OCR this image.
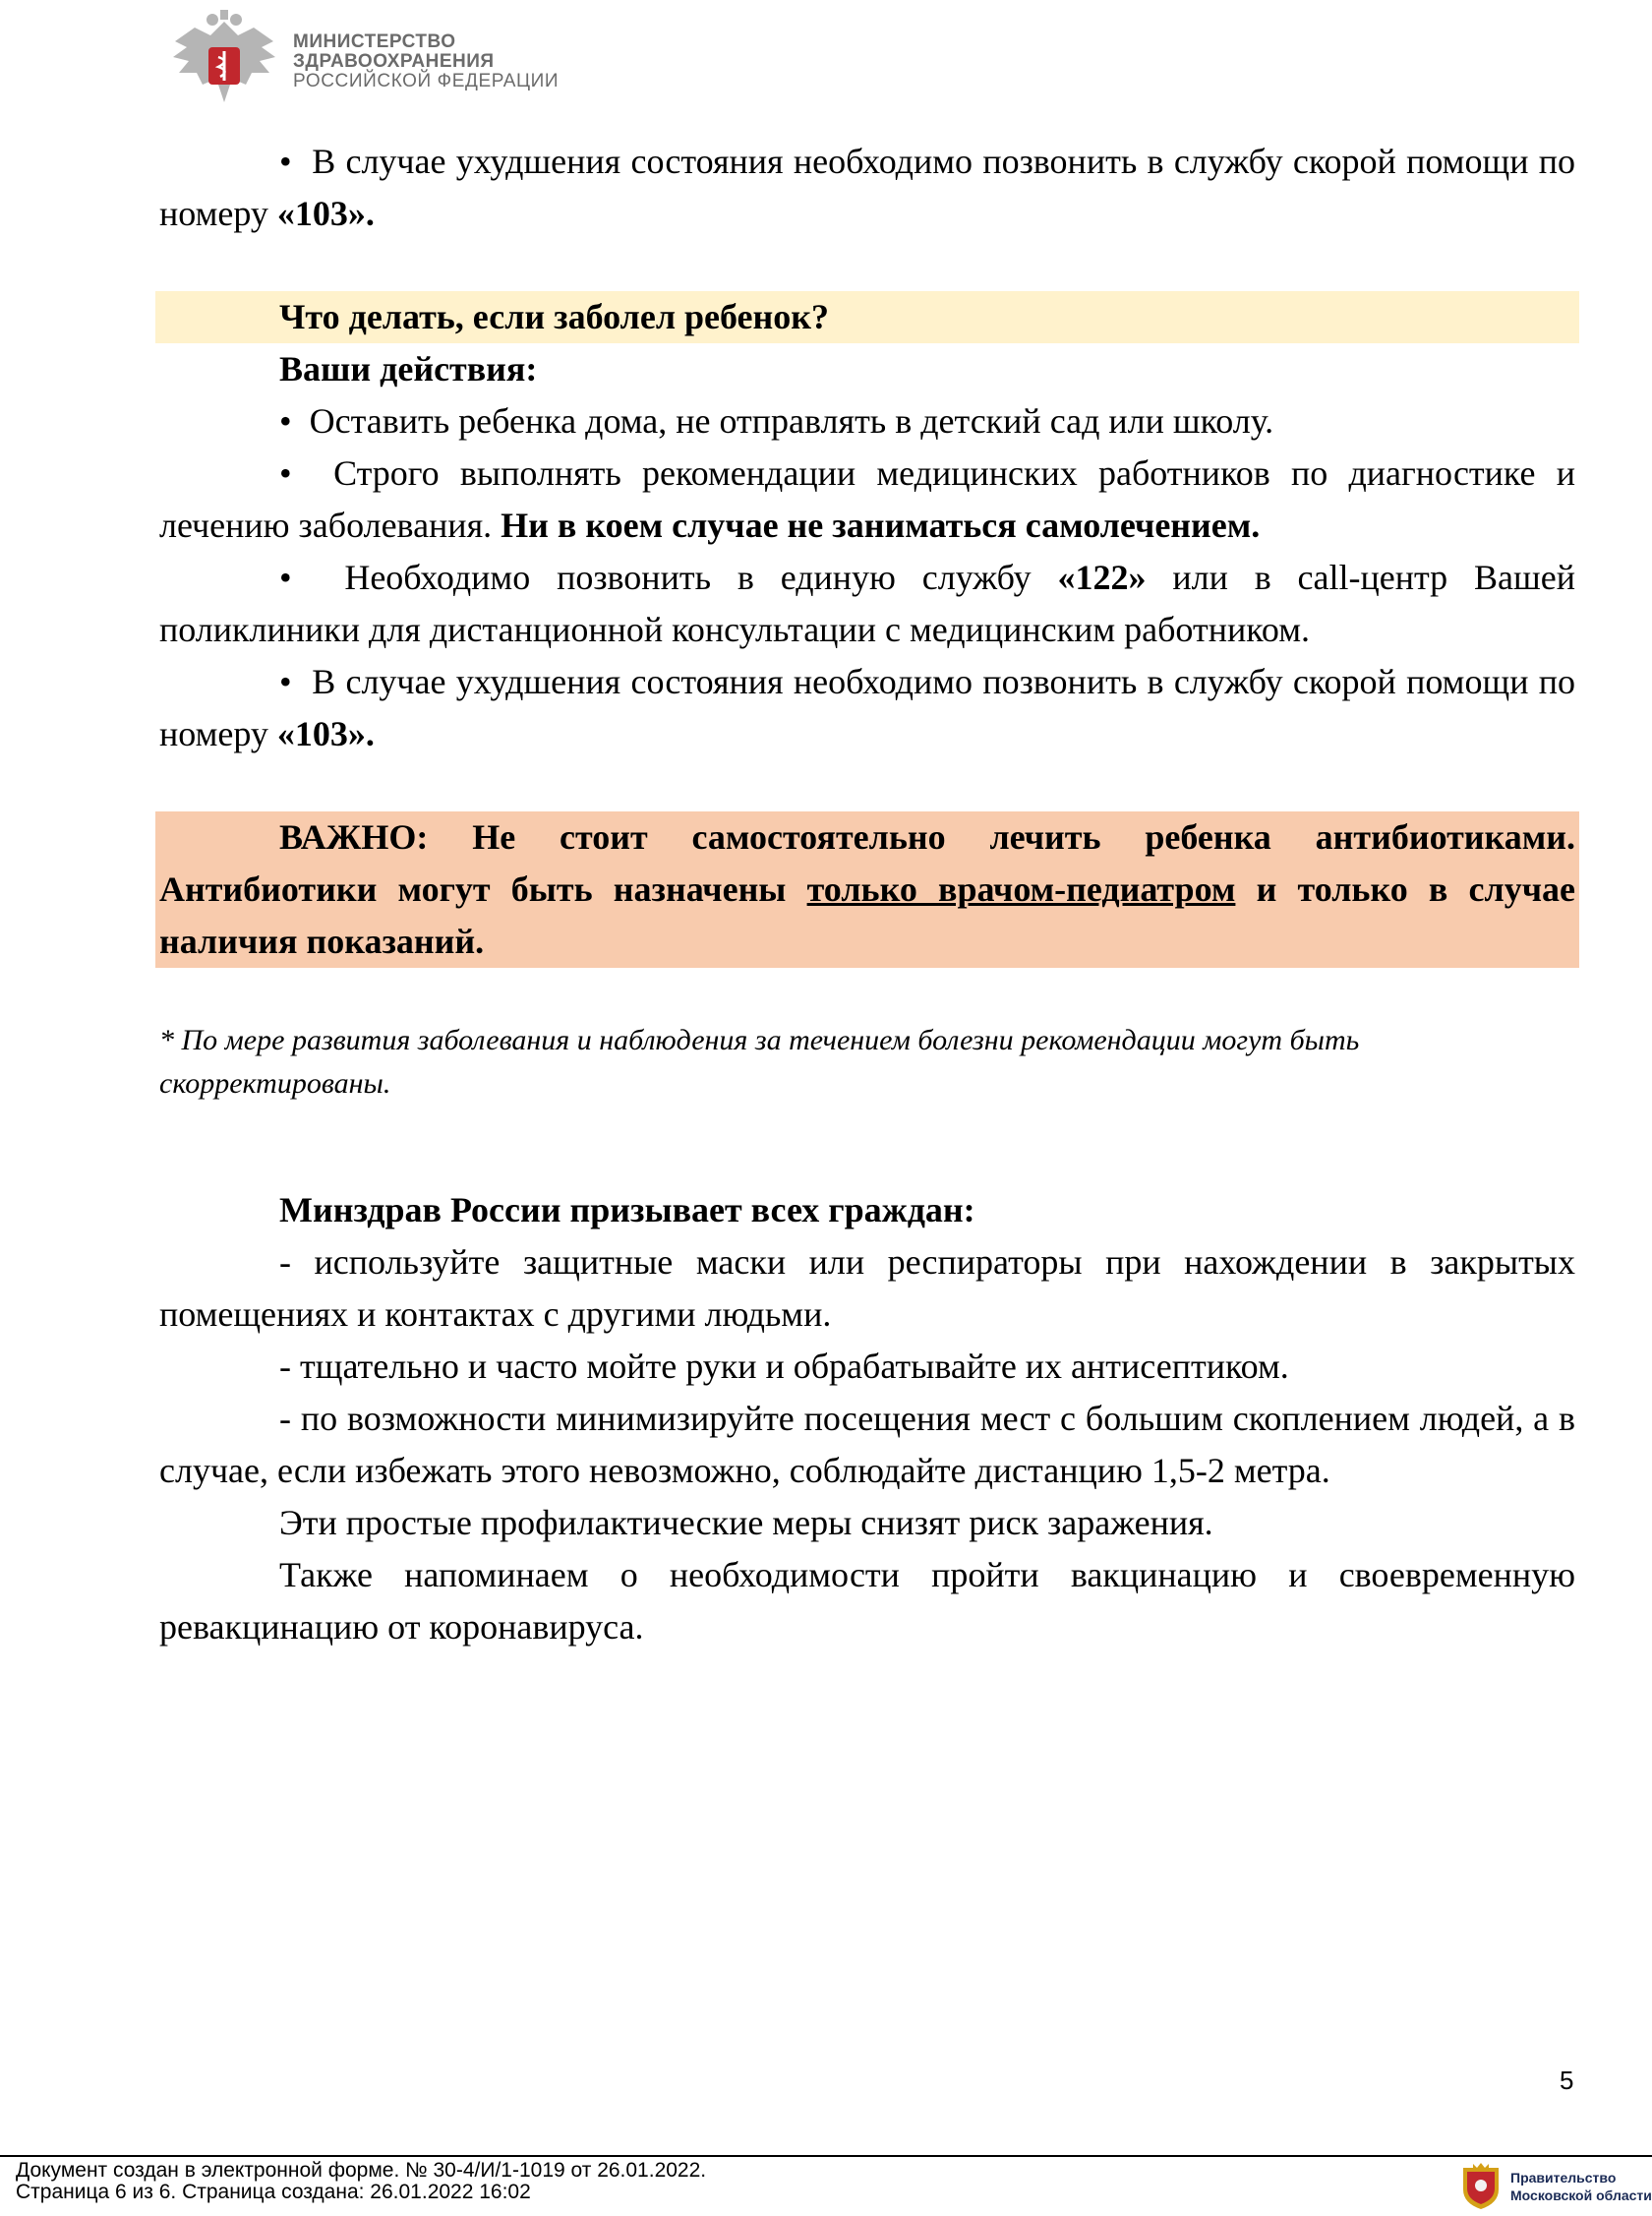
МИНИСТЕРСТВО
ЗДРАВООХРАНЕНИЯ
РОССИЙСКОЙ ФЕДЕРАЦИИ

•  В случае ухудшения состояния необходимо позвонить в службу скорой помощи по номеру «103».

Что делать, если заболел ребенок?

Ваши действия:

•  Оставить ребенка дома, не отправлять в детский сад или школу.

•  Строго выполнять рекомендации медицинских работников по диагностике и лечению заболевания. Ни в коем случае не заниматься самолечением.

•  Необходимо позвонить в единую службу «122» или в call-центр Вашей поликлиники для дистанционной консультации с медицинским работником.

•  В случае ухудшения состояния необходимо позвонить в службу скорой помощи по номеру «103».

ВАЖНО: Не стоит самостоятельно лечить ребенка антибиотиками. Антибиотики могут быть назначены только врачом-педиатром и только в случае наличия показаний.

* По мере развития заболевания и наблюдения за течением болезни рекомендации могут быть скорректированы.

Минздрав России призывает всех граждан:

- используйте защитные маски или респираторы при нахождении в закрытых помещениях и контактах с другими людьми.

- тщательно и часто мойте руки и обрабатывайте их антисептиком.

- по возможности минимизируйте посещения мест с большим скоплением людей, а в случае, если избежать этого невозможно, соблюдайте дистанцию 1,5-2 метра.

Эти простые профилактические меры снизят риск заражения.

Также напоминаем о необходимости пройти вакцинацию и своевременную ревакцинацию от коронавируса.

5
Документ создан в электронной форме. № 30-4/И/1-1019 от 26.01.2022.
Страница 6 из 6. Страница создана: 26.01.2022 16:02
Правительство
Московской области
